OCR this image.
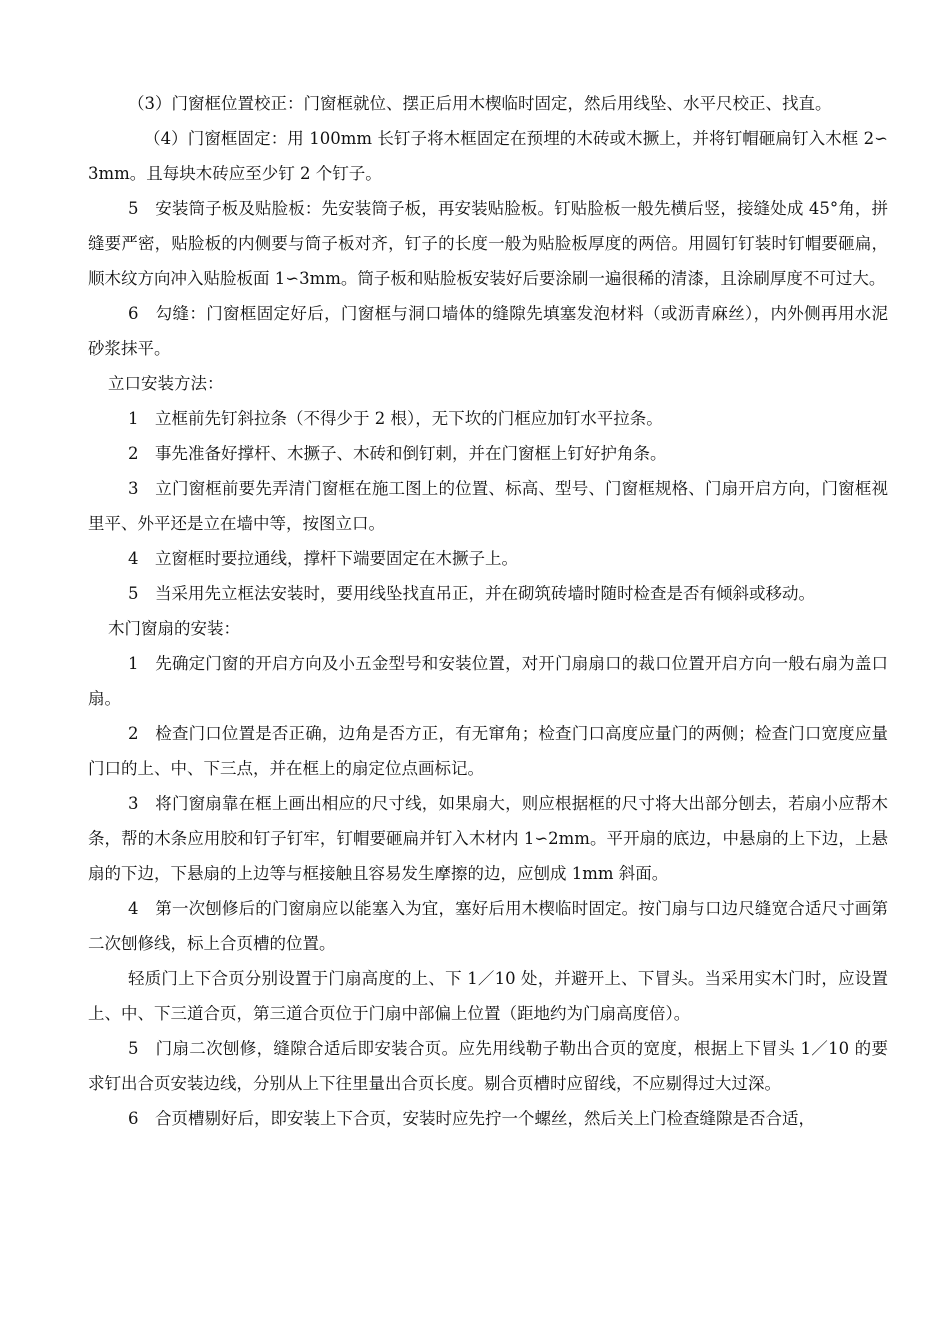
（3）门窗框位置校正：门窗框就位、摆正后用木楔临时固定，然后用线坠、水平尺校正、找直。

（4）门窗框固定：用 100mm 长钉子将木框固定在预埋的木砖或木撅上，并将钉帽砸扁钉入木框 2∽3mm。且每块木砖应至少钉 2 个钉子。

5　安装筒子板及贴脸板：先安装筒子板，再安装贴脸板。钉贴脸板一般先横后竖，接缝处成 45°角，拼缝要严密，贴脸板的内侧要与筒子板对齐，钉子的长度一般为贴脸板厚度的两倍。用圆钉钉装时钉帽要砸扁，顺木纹方向冲入贴脸板面 1∽3mm。筒子板和贴脸板安装好后要涂刷一遍很稀的清漆，且涂刷厚度不可过大。

6　勾缝：门窗框固定好后，门窗框与洞口墙体的缝隙先填塞发泡材料（或沥青麻丝），内外侧再用水泥砂浆抹平。

立口安装方法：

1　立框前先钉斜拉条（不得少于 2 根），无下坎的门框应加钉水平拉条。

2　事先准备好撑杆、木撅子、木砖和倒钉刺，并在门窗框上钉好护角条。

3　立门窗框前要先弄清门窗框在施工图上的位置、标高、型号、门窗框规格、门扇开启方向，门窗框视里平、外平还是立在墙中等，按图立口。

4　立窗框时要拉通线，撑杆下端要固定在木撅子上。

5　当采用先立框法安装时，要用线坠找直吊正，并在砌筑砖墙时随时检查是否有倾斜或移动。

木门窗扇的安装：

1　先确定门窗的开启方向及小五金型号和安装位置，对开门扇扇口的裁口位置开启方向一般右扇为盖口扇。

2　检查门口位置是否正确，边角是否方正，有无窜角；检查门口高度应量门的两侧；检查门口宽度应量门口的上、中、下三点，并在框上的扇定位点画标记。

3　将门窗扇靠在框上画出相应的尺寸线，如果扇大，则应根据框的尺寸将大出部分刨去，若扇小应帮木条，帮的木条应用胶和钉子钉牢，钉帽要砸扁并钉入木材内 1∽2mm。平开扇的底边，中悬扇的上下边，上悬扇的下边，下悬扇的上边等与框接触且容易发生摩擦的边，应刨成 1mm 斜面。

4　第一次刨修后的门窗扇应以能塞入为宜，塞好后用木楔临时固定。按门扇与口边尺缝宽合适尺寸画第二次刨修线，标上合页槽的位置。

轻质门上下合页分别设置于门扇高度的上、下 1／10 处，并避开上、下冒头。当采用实木门时，应设置上、中、下三道合页，第三道合页位于门扇中部偏上位置（距地约为门扇高度倍）。

5　门扇二次刨修，缝隙合适后即安装合页。应先用线勒子勒出合页的宽度，根据上下冒头 1／10 的要求钉出合页安装边线，分别从上下往里量出合页长度。剔合页槽时应留线，不应剔得过大过深。

6　合页槽剔好后，即安装上下合页，安装时应先拧一个螺丝，然后关上门检查缝隙是否合适，
